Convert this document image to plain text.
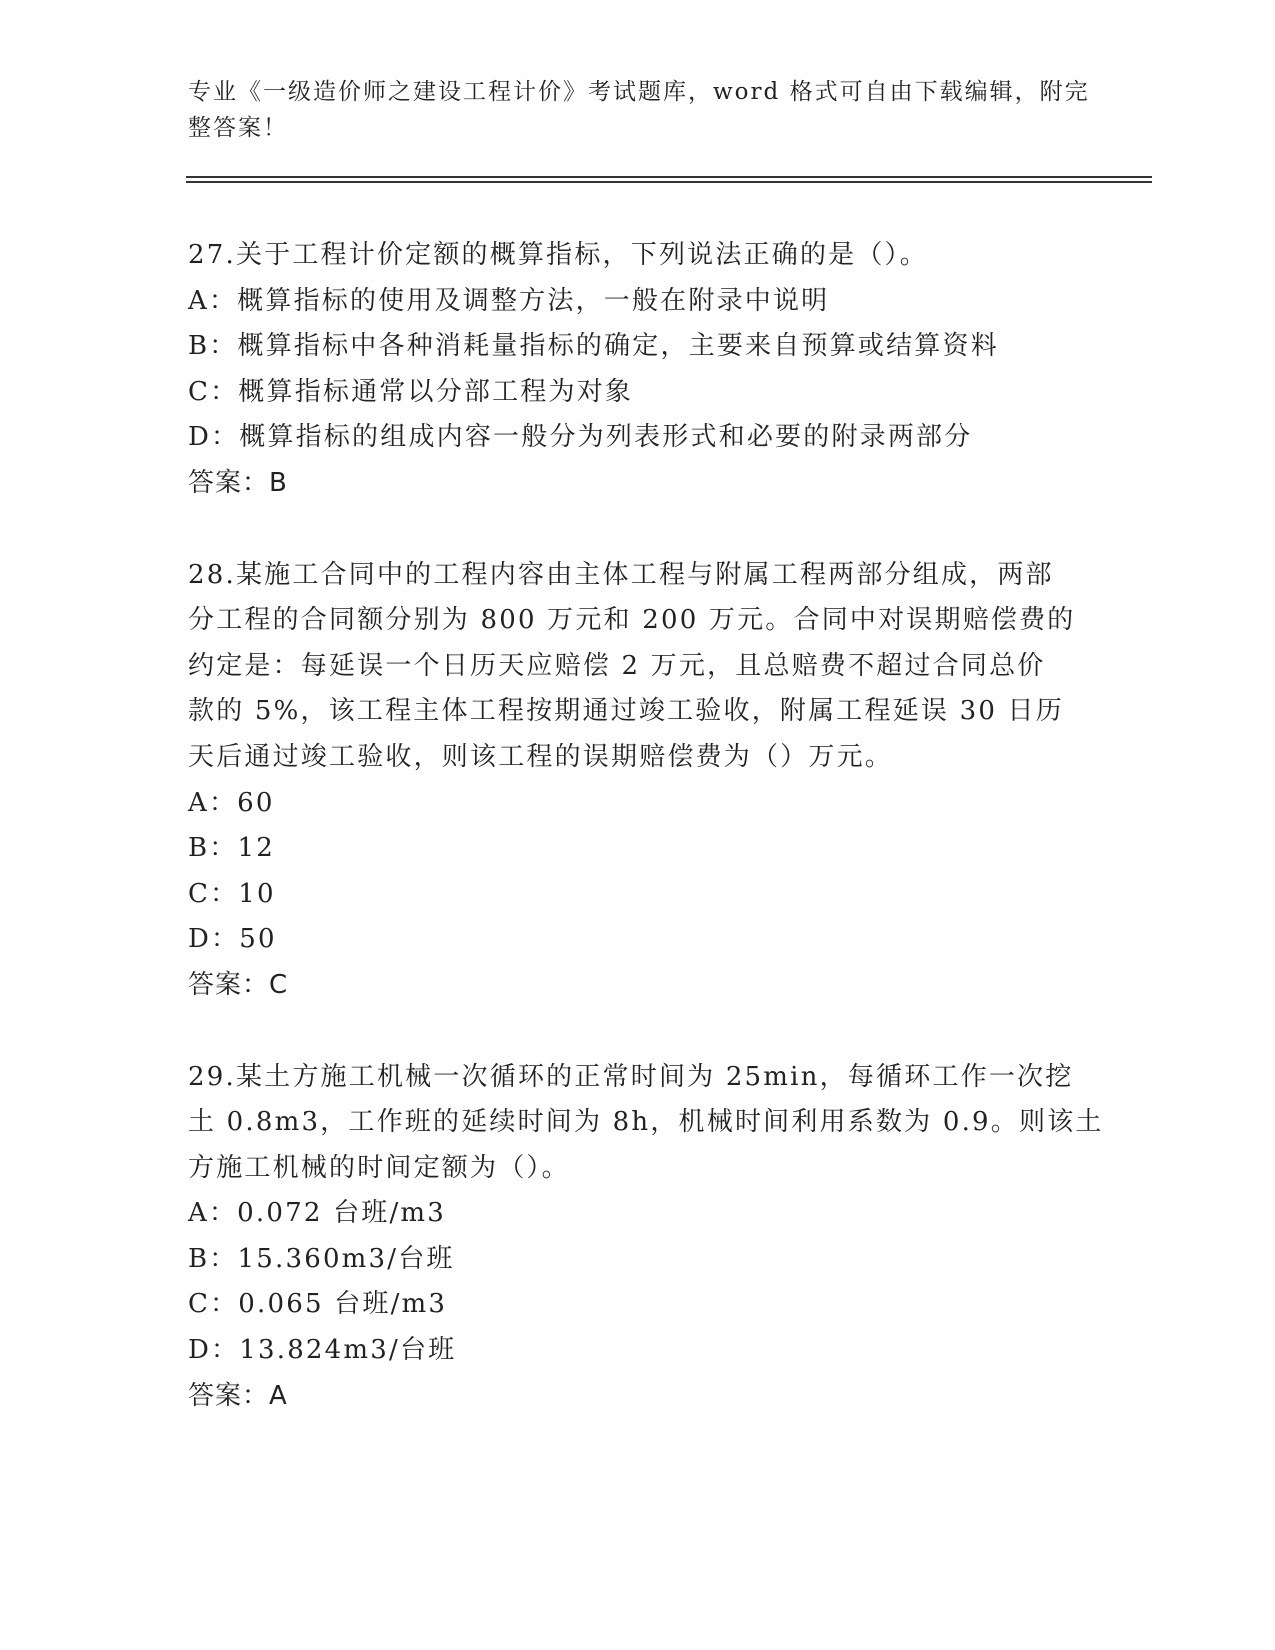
专业《一级造价师之建设工程计价》考试题库，word 格式可自由下载编辑，附完
整答案！
27.关于工程计价定额的概算指标，下列说法正确的是（）。
A：概算指标的使用及调整方法，一般在附录中说明
B：概算指标中各种消耗量指标的确定，主要来自预算或结算资料
C：概算指标通常以分部工程为对象
D：概算指标的组成内容一般分为列表形式和必要的附录两部分
答案：B
28.某施工合同中的工程内容由主体工程与附属工程两部分组成，两部
分工程的合同额分别为 800 万元和 200 万元。合同中对误期赔偿费的
约定是：每延误一个日历天应赔偿 2 万元，且总赔费不超过合同总价
款的 5%，该工程主体工程按期通过竣工验收，附属工程延误 30 日历
天后通过竣工验收，则该工程的误期赔偿费为（）万元。
A：60
B：12
C：10
D：50
答案：C
29.某土方施工机械一次循环的正常时间为 25min，每循环工作一次挖
土 0.8m3，工作班的延续时间为 8h，机械时间利用系数为 0.9。则该土
方施工机械的时间定额为（）。
A：0.072 台班/m3
B：15.360m3/台班
C：0.065 台班/m3
D：13.824m3/台班
答案：A
